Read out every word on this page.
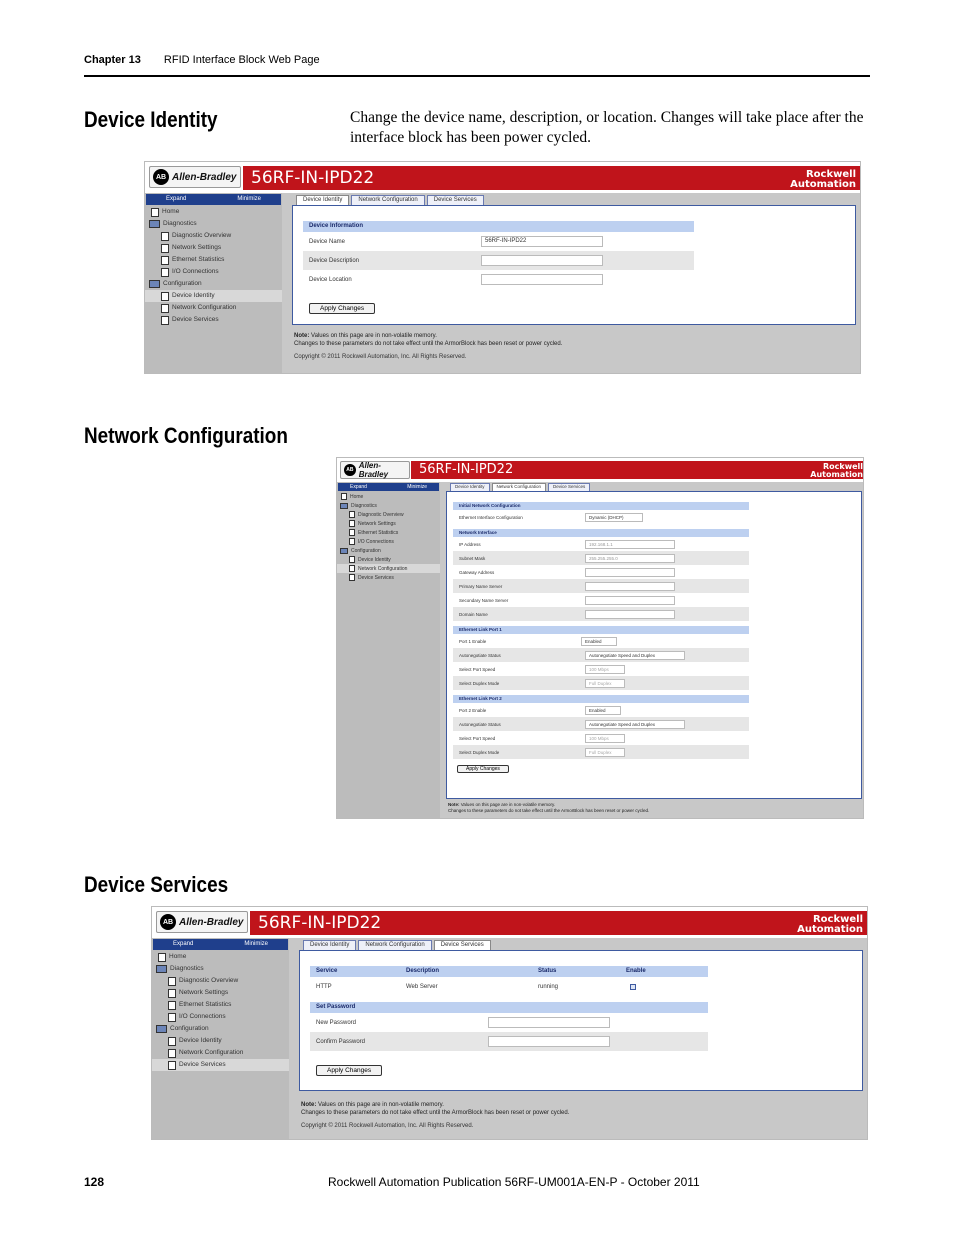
Chapter 13 RFID Interface Block Web Page
Device Identity	Change the device name, description, or location. Changes will take place after the interface block has been power cycled.
AB Allen-Bradley 56RF-IN-IPD22	Rockwell
Automation
Expand	Minimize
Home
Diagnostics
Diagnostic Overview
Network Settings
Ethernet Statistics
I/O Connections
Configuration
Device Identity
Network Configuration
Device Services
Device Identity	Network Configuration	Device Services
Device Information
Device Name	56RF-IN-IPD22
Device Description
Device Location
Apply Changes
Note: Values on this page are in non-volatile memory.
Changes to these parameters do not take effect until the ArmorBlock has been reset or power cycled.
Copyright © 2011 Rockwell Automation, Inc. All Rights Reserved.
Network Configuration
AB Allen-Bradley	56RF-IN-IPD22	Rockwell
Automation
Expand	Minimize
Home
Diagnostics
Diagnostic Overview
Network Settings
Ethernet Statistics
I/O Connections
Configuration
Device Identity
Network Configuration
Device Services
Device Identity	Network Configuration	Device Services
Initial Network Configuration
Ethernet Interface Configuration	Dynamic (DHCP)
Network Interface
IP Address	192.168.1.1
Subnet Mask	255.255.255.0
Gateway Address
Primary Name Server
Secondary Name Server
Domain Name
Ethernet Link Port 1
Port 1 Enable	Enabled
Autonegotiate Status	Autonegotiate Speed and Duplex
Select Port Speed	100 Mbps
Select Duplex Mode	Full Duplex
Ethernet Link Port 2
Port 2 Enable	Enabled
Autonegotiate Status	Autonegotiate Speed and Duplex
Select Port Speed	100 Mbps
Select Duplex Mode	Full Duplex
Apply Changes
Note: Values on this page are in non-volatile memory.
Changes to these parameters do not take effect until the ArmorBlock has been reset or power cycled.
Device Services
AB Allen-Bradley 56RF-IN-IPD22	Rockwell
Automation
Expand	Minimize
Home
Diagnostics
Diagnostic Overview
Network Settings
Ethernet Statistics
I/O Connections
Configuration
Device Identity
Network Configuration
Device Services
Device Identity	Network Configuration	Device Services
Service	Description	Status	Enable
HTTP	Web Server	running
Set Password
New Password
Confirm Password
Apply Changes
Note: Values on this page are in non-volatile memory.
Changes to these parameters do not take effect until the ArmorBlock has been reset or power cycled.
Copyright © 2011 Rockwell Automation, Inc. All Rights Reserved.
128	Rockwell Automation Publication 56RF-UM001A-EN-P - October 2011
